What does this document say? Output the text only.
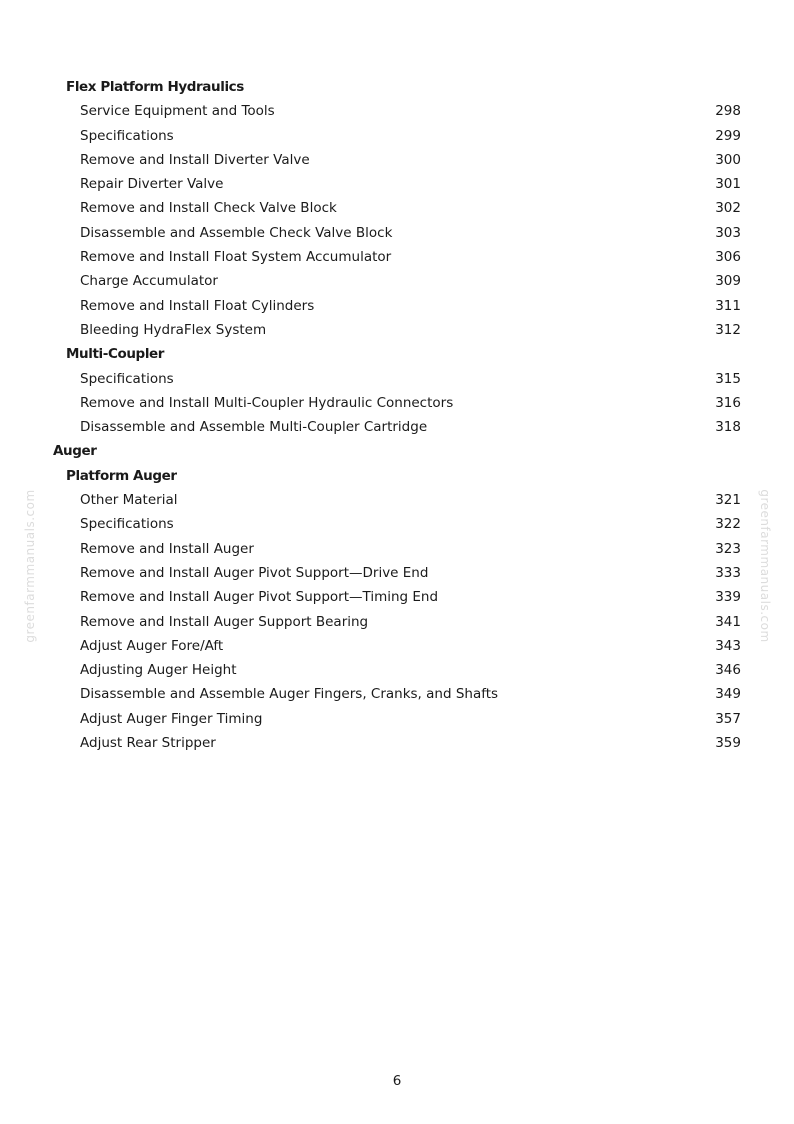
Flex Platform Hydraulics
Service Equipment and Tools	298
Specifications	299
Remove and Install Diverter Valve	300
Repair Diverter Valve	301
Remove and Install Check Valve Block	302
Disassemble and Assemble Check Valve Block	303
Remove and Install Float System Accumulator	306
Charge Accumulator	309
Remove and Install Float Cylinders	311
Bleeding HydraFlex System	312
Multi-Coupler
Specifications	315
Remove and Install Multi-Coupler Hydraulic Connectors	316
Disassemble and Assemble Multi-Coupler Cartridge	318
Auger
Platform Auger
Other Material	321
Specifications	322
Remove and Install Auger	323
Remove and Install Auger Pivot Support—Drive End	333
Remove and Install Auger Pivot Support—Timing End	339
Remove and Install Auger Support Bearing	341
Adjust Auger Fore/Aft	343
Adjusting Auger Height	346
Disassemble and Assemble Auger Fingers, Cranks, and Shafts	349
Adjust Auger Finger Timing	357
Adjust Rear Stripper	359
greenfarmmanuals.com	greenfarmmanuals.com
6
